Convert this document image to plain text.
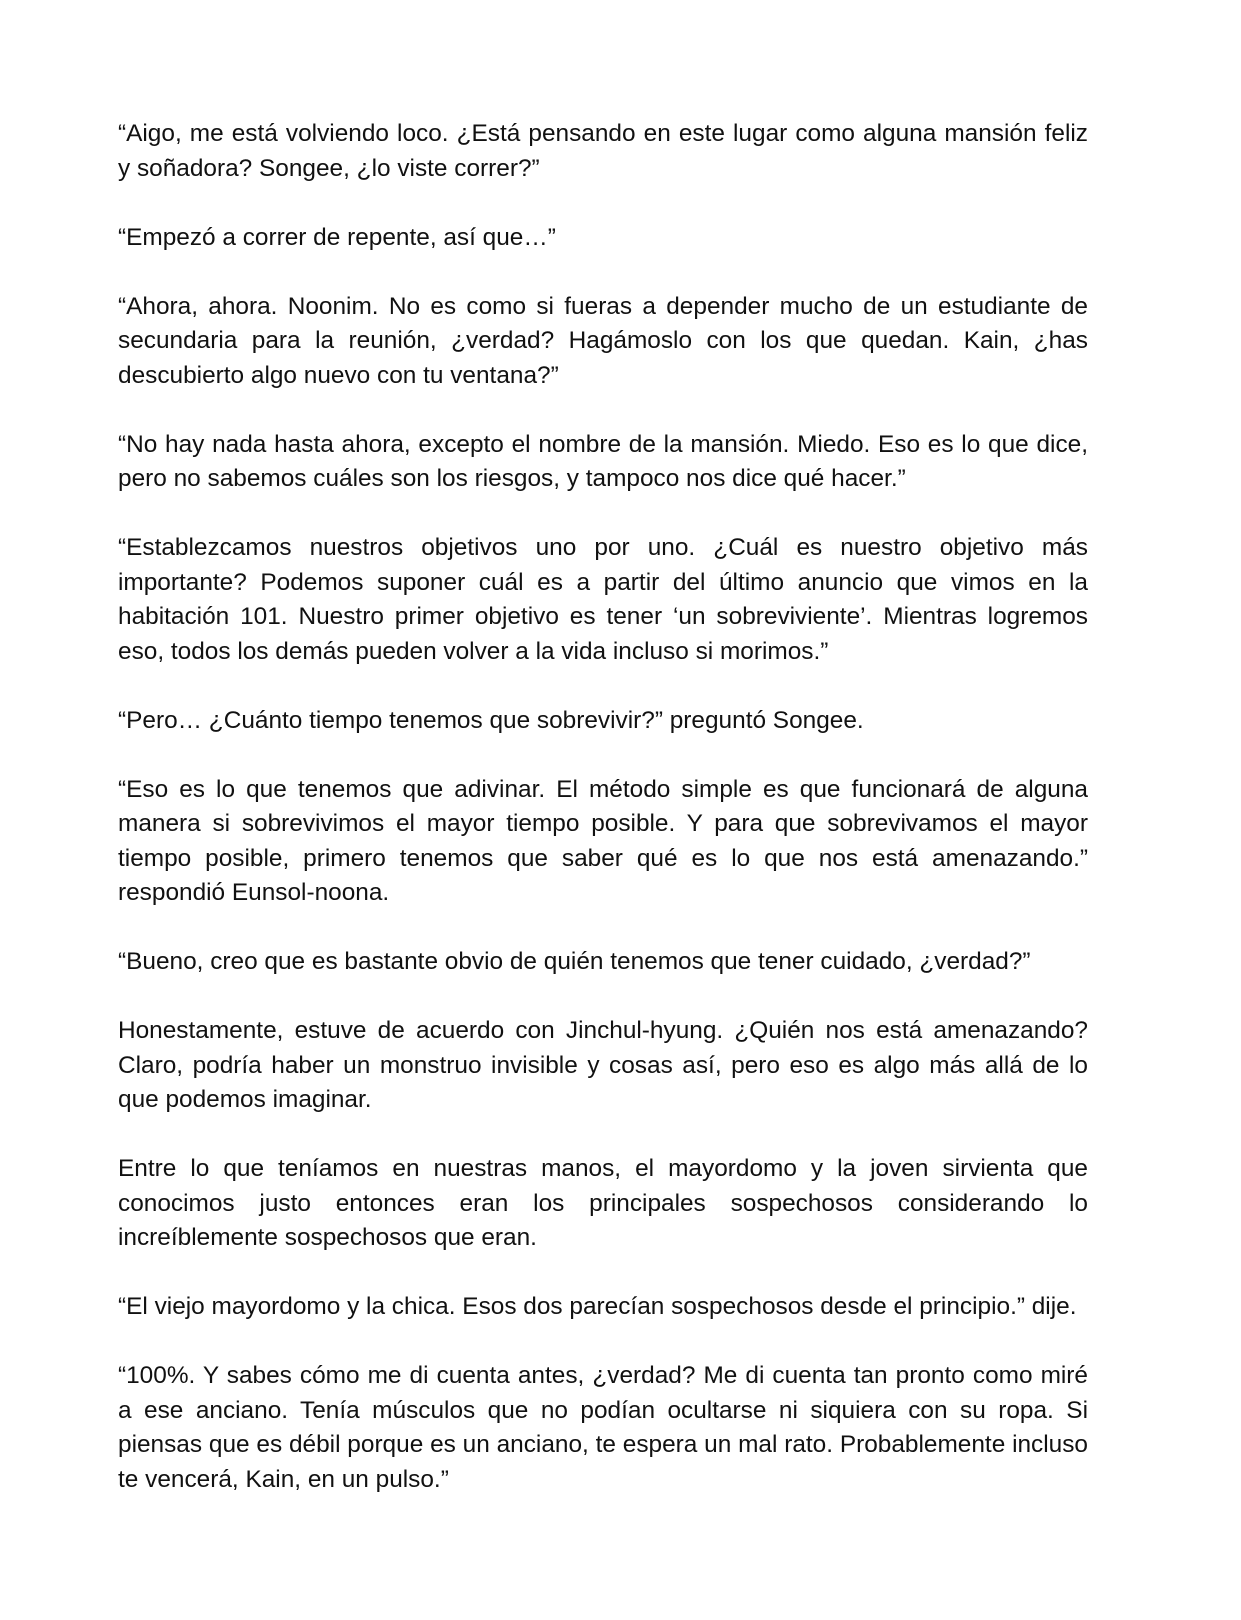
“Aigo, me está volviendo loco. ¿Está pensando en este lugar como alguna mansión feliz y soñadora? Songee, ¿lo viste correr?”

“Empezó a correr de repente, así que…”

“Ahora, ahora. Noonim. No es como si fueras a depender mucho de un estudiante de secundaria para la reunión, ¿verdad? Hagámoslo con los que quedan. Kain, ¿has descubierto algo nuevo con tu ventana?”

“No hay nada hasta ahora, excepto el nombre de la mansión. Miedo. Eso es lo que dice, pero no sabemos cuáles son los riesgos, y tampoco nos dice qué hacer.”

“Establezcamos nuestros objetivos uno por uno. ¿Cuál es nuestro objetivo más importante? Podemos suponer cuál es a partir del último anuncio que vimos en la habitación 101. Nuestro primer objetivo es tener ‘un sobreviviente’. Mientras logremos eso, todos los demás pueden volver a la vida incluso si morimos.”

“Pero… ¿Cuánto tiempo tenemos que sobrevivir?” preguntó Songee.

“Eso es lo que tenemos que adivinar. El método simple es que funcionará de alguna manera si sobrevivimos el mayor tiempo posible. Y para que sobrevivamos el mayor tiempo posible, primero tenemos que saber qué es lo que nos está amenazando.” respondió Eunsol-noona.

“Bueno, creo que es bastante obvio de quién tenemos que tener cuidado, ¿verdad?”

Honestamente, estuve de acuerdo con Jinchul-hyung. ¿Quién nos está amenazando? Claro, podría haber un monstruo invisible y cosas así, pero eso es algo más allá de lo que podemos imaginar.

Entre lo que teníamos en nuestras manos, el mayordomo y la joven sirvienta que conocimos justo entonces eran los principales sospechosos considerando lo increíblemente sospechosos que eran.

“El viejo mayordomo y la chica. Esos dos parecían sospechosos desde el principio.” dije.

“100%. Y sabes cómo me di cuenta antes, ¿verdad? Me di cuenta tan pronto como miré a ese anciano. Tenía músculos que no podían ocultarse ni siquiera con su ropa. Si piensas que es débil porque es un anciano, te espera un mal rato. Probablemente incluso te vencerá, Kain, en un pulso.”
